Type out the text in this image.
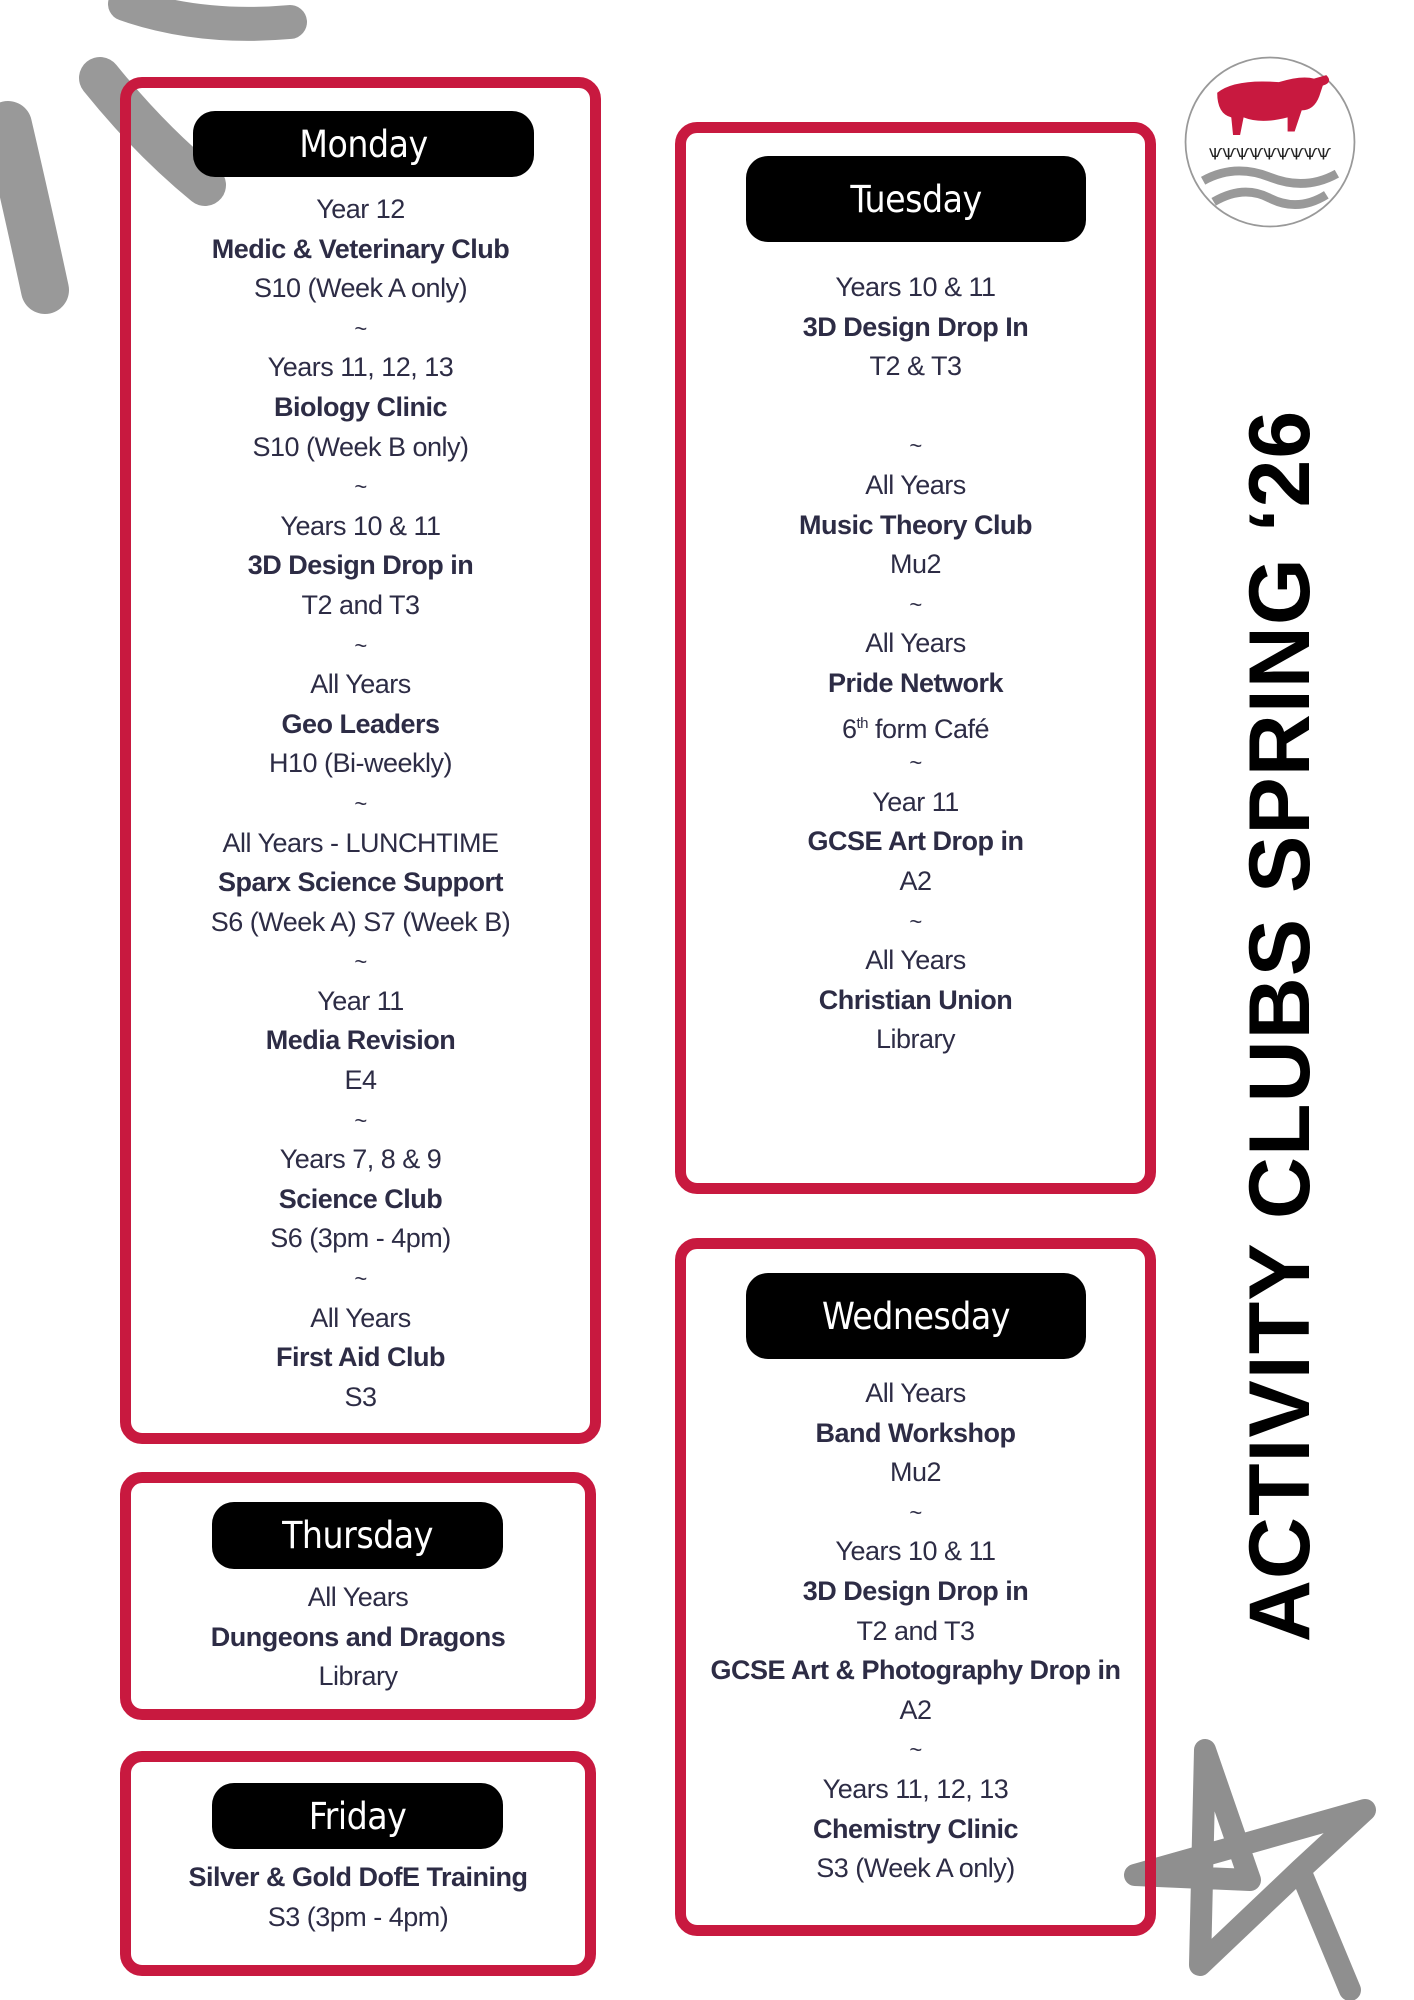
ѰѰѰѰѰѰѰѰѰ
ACTIVITY CLUBS SPRING ‘26
Monday
Year 12
Medic & Veterinary Club
S10 (Week A only)
~
Years 11, 12, 13
Biology Clinic
S10 (Week B only)
~
Years 10 & 11
3D Design Drop in
T2 and T3
~
All Years
Geo Leaders
H10 (Bi-weekly)
~
All Years - LUNCHTIME
Sparx Science Support
S6 (Week A) S7 (Week B)
~
Year 11
Media Revision
E4
~
Years 7, 8 & 9
Science Club
S6 (3pm - 4pm)
~
All Years
First Aid Club
S3
Tuesday
Years 10 & 11
3D Design Drop In
T2 & T3
~
All Years
Music Theory Club
Mu2
~
All Years
Pride Network
6th form Café
~
Year 11
GCSE Art Drop in
A2
~
All Years
Christian Union
Library
Wednesday
All Years
Band Workshop
Mu2
~
Years 10 & 11
3D Design Drop in
T2 and T3
GCSE Art & Photography Drop in
A2
~
Years 11, 12, 13
Chemistry Clinic
S3 (Week A only)
Thursday
All Years
Dungeons and Dragons
Library
Friday
Silver & Gold DofE Training
S3 (3pm - 4pm)
